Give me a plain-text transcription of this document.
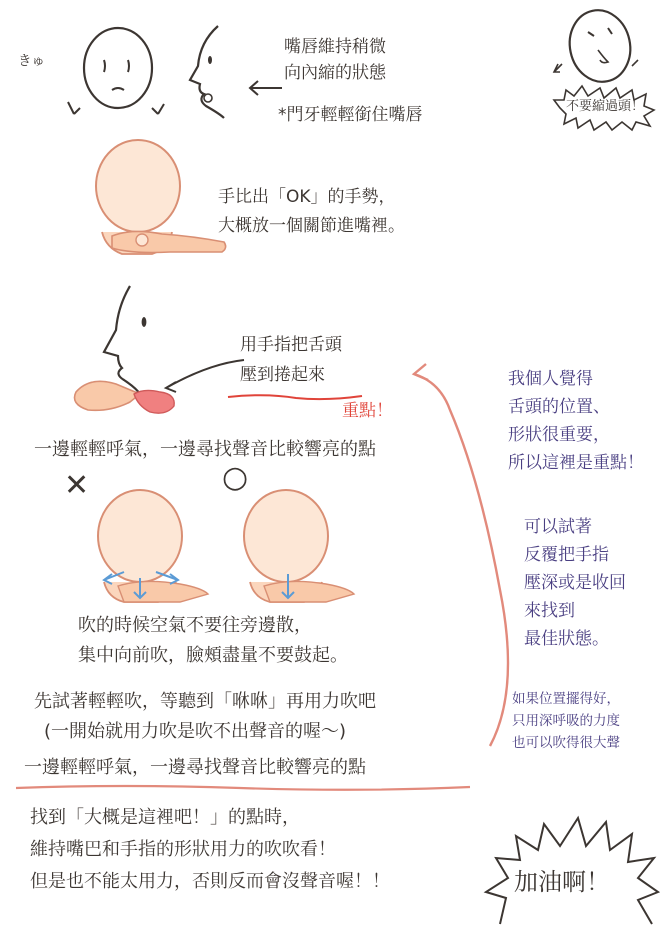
きゅ
嘴唇維持稍微
向內縮的狀態
*門牙輕輕銜住嘴唇	不要縮過頭！
手比出「OK」的手勢，
大概放一個關節進嘴裡。
用手指把舌頭
壓到捲起來
重點！
我個人覺得
舌頭的位置、
形狀很重要，
所以這裡是重點！
一邊輕輕呼氣，一邊尋找聲音比較響亮的點
✕	○
可以試著
反覆把手指
壓深或是收回
來找到
最佳狀態。
吹的時候空氣不要往旁邊散，
集中向前吹，臉頰盡量不要鼓起。
先試著輕輕吹，等聽到「咻咻」再用力吹吧
(一開始就用力吹是吹不出聲音的喔～)
如果位置擺得好，
只用深呼吸的力度
也可以吹得很大聲
一邊輕輕呼氣，一邊尋找聲音比較響亮的點
找到「大概是這裡吧！」的點時，
維持嘴巴和手指的形狀用力的吹吹看！
但是也不能太用力，否則反而會沒聲音喔！！	加油啊！
